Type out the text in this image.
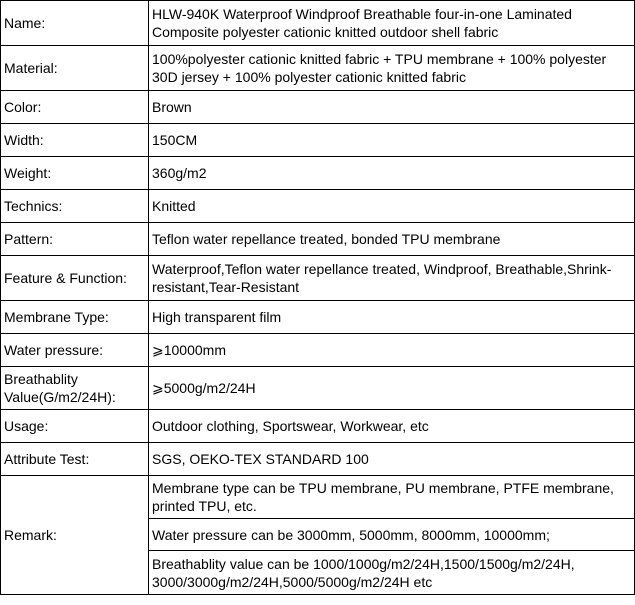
Name:	HLW-940K Waterproof Windproof Breathable four-in-one Laminated Composite polyester cationic knitted outdoor shell fabric
Material:	100%polyester cationic knitted fabric + TPU membrane + 100% polyester 30D jersey + 100% polyester cationic knitted fabric
Color:	Brown
Width:	150CM
Weight:	360g/m2
Technics:	Knitted
Pattern:	Teflon water repellance treated, bonded TPU membrane
Feature & Function:	Waterproof,Teflon water repellance treated, Windproof, Breathable,Shrink-resistant,Tear-Resistant
Membrane Type:	High transparent film
Water pressure:	⩾10000mm
Breathablity Value(G/m2/24H):	⩾5000g/m2/24H
Usage:	Outdoor clothing, Sportswear, Workwear, etc
Attribute Test:	SGS, OEKO-TEX STANDARD 100
Remark:	Membrane type can be TPU membrane, PU membrane, PTFE membrane, printed TPU, etc.
	Water pressure can be 3000mm, 5000mm, 8000mm, 10000mm;
	Breathablity value can be 1000/1000g/m2/24H,1500/1500g/m2/24H, 3000/3000g/m2/24H,5000/5000g/m2/24H etc
